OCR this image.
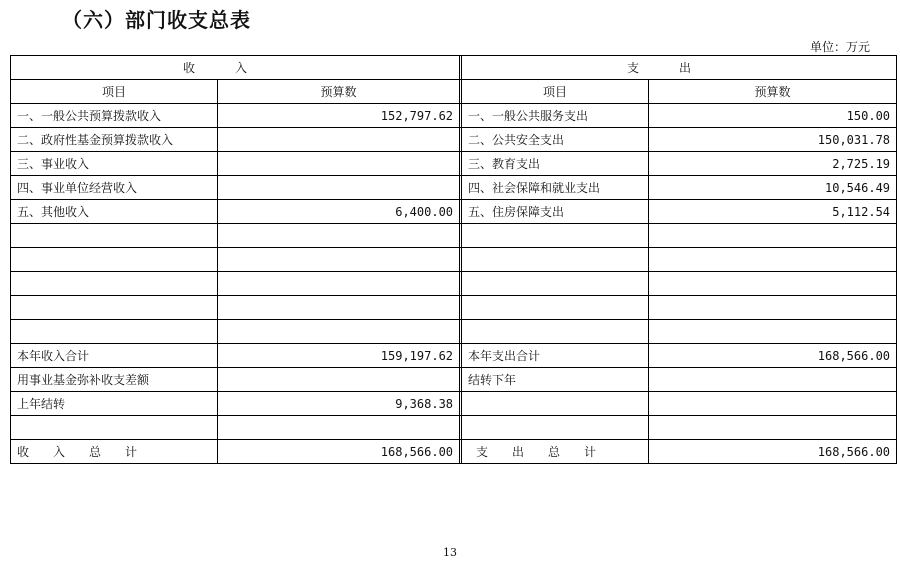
（六）部门收支总表
单位：万元
收入			支出	
项目	预算数		项目	预算数
一、一般公共预算拨款收入	152,797.62		一、一般公共服务支出	150.00
二、政府性基金预算拨款收入			二、公共安全支出	150,031.78
三、事业收入			三、教育支出	2,725.19
四、事业单位经营收入			四、社会保障和就业支出	10,546.49
五、其他收入	6,400.00		五、住房保障支出	5,112.54

本年收入合计	159,197.62		本年支出合计	168,566.00
用事业基金弥补收支差额			结转下年	
上年结转	9,368.38			

收入总计	168,566.00		支出总计	168,566.00
13
